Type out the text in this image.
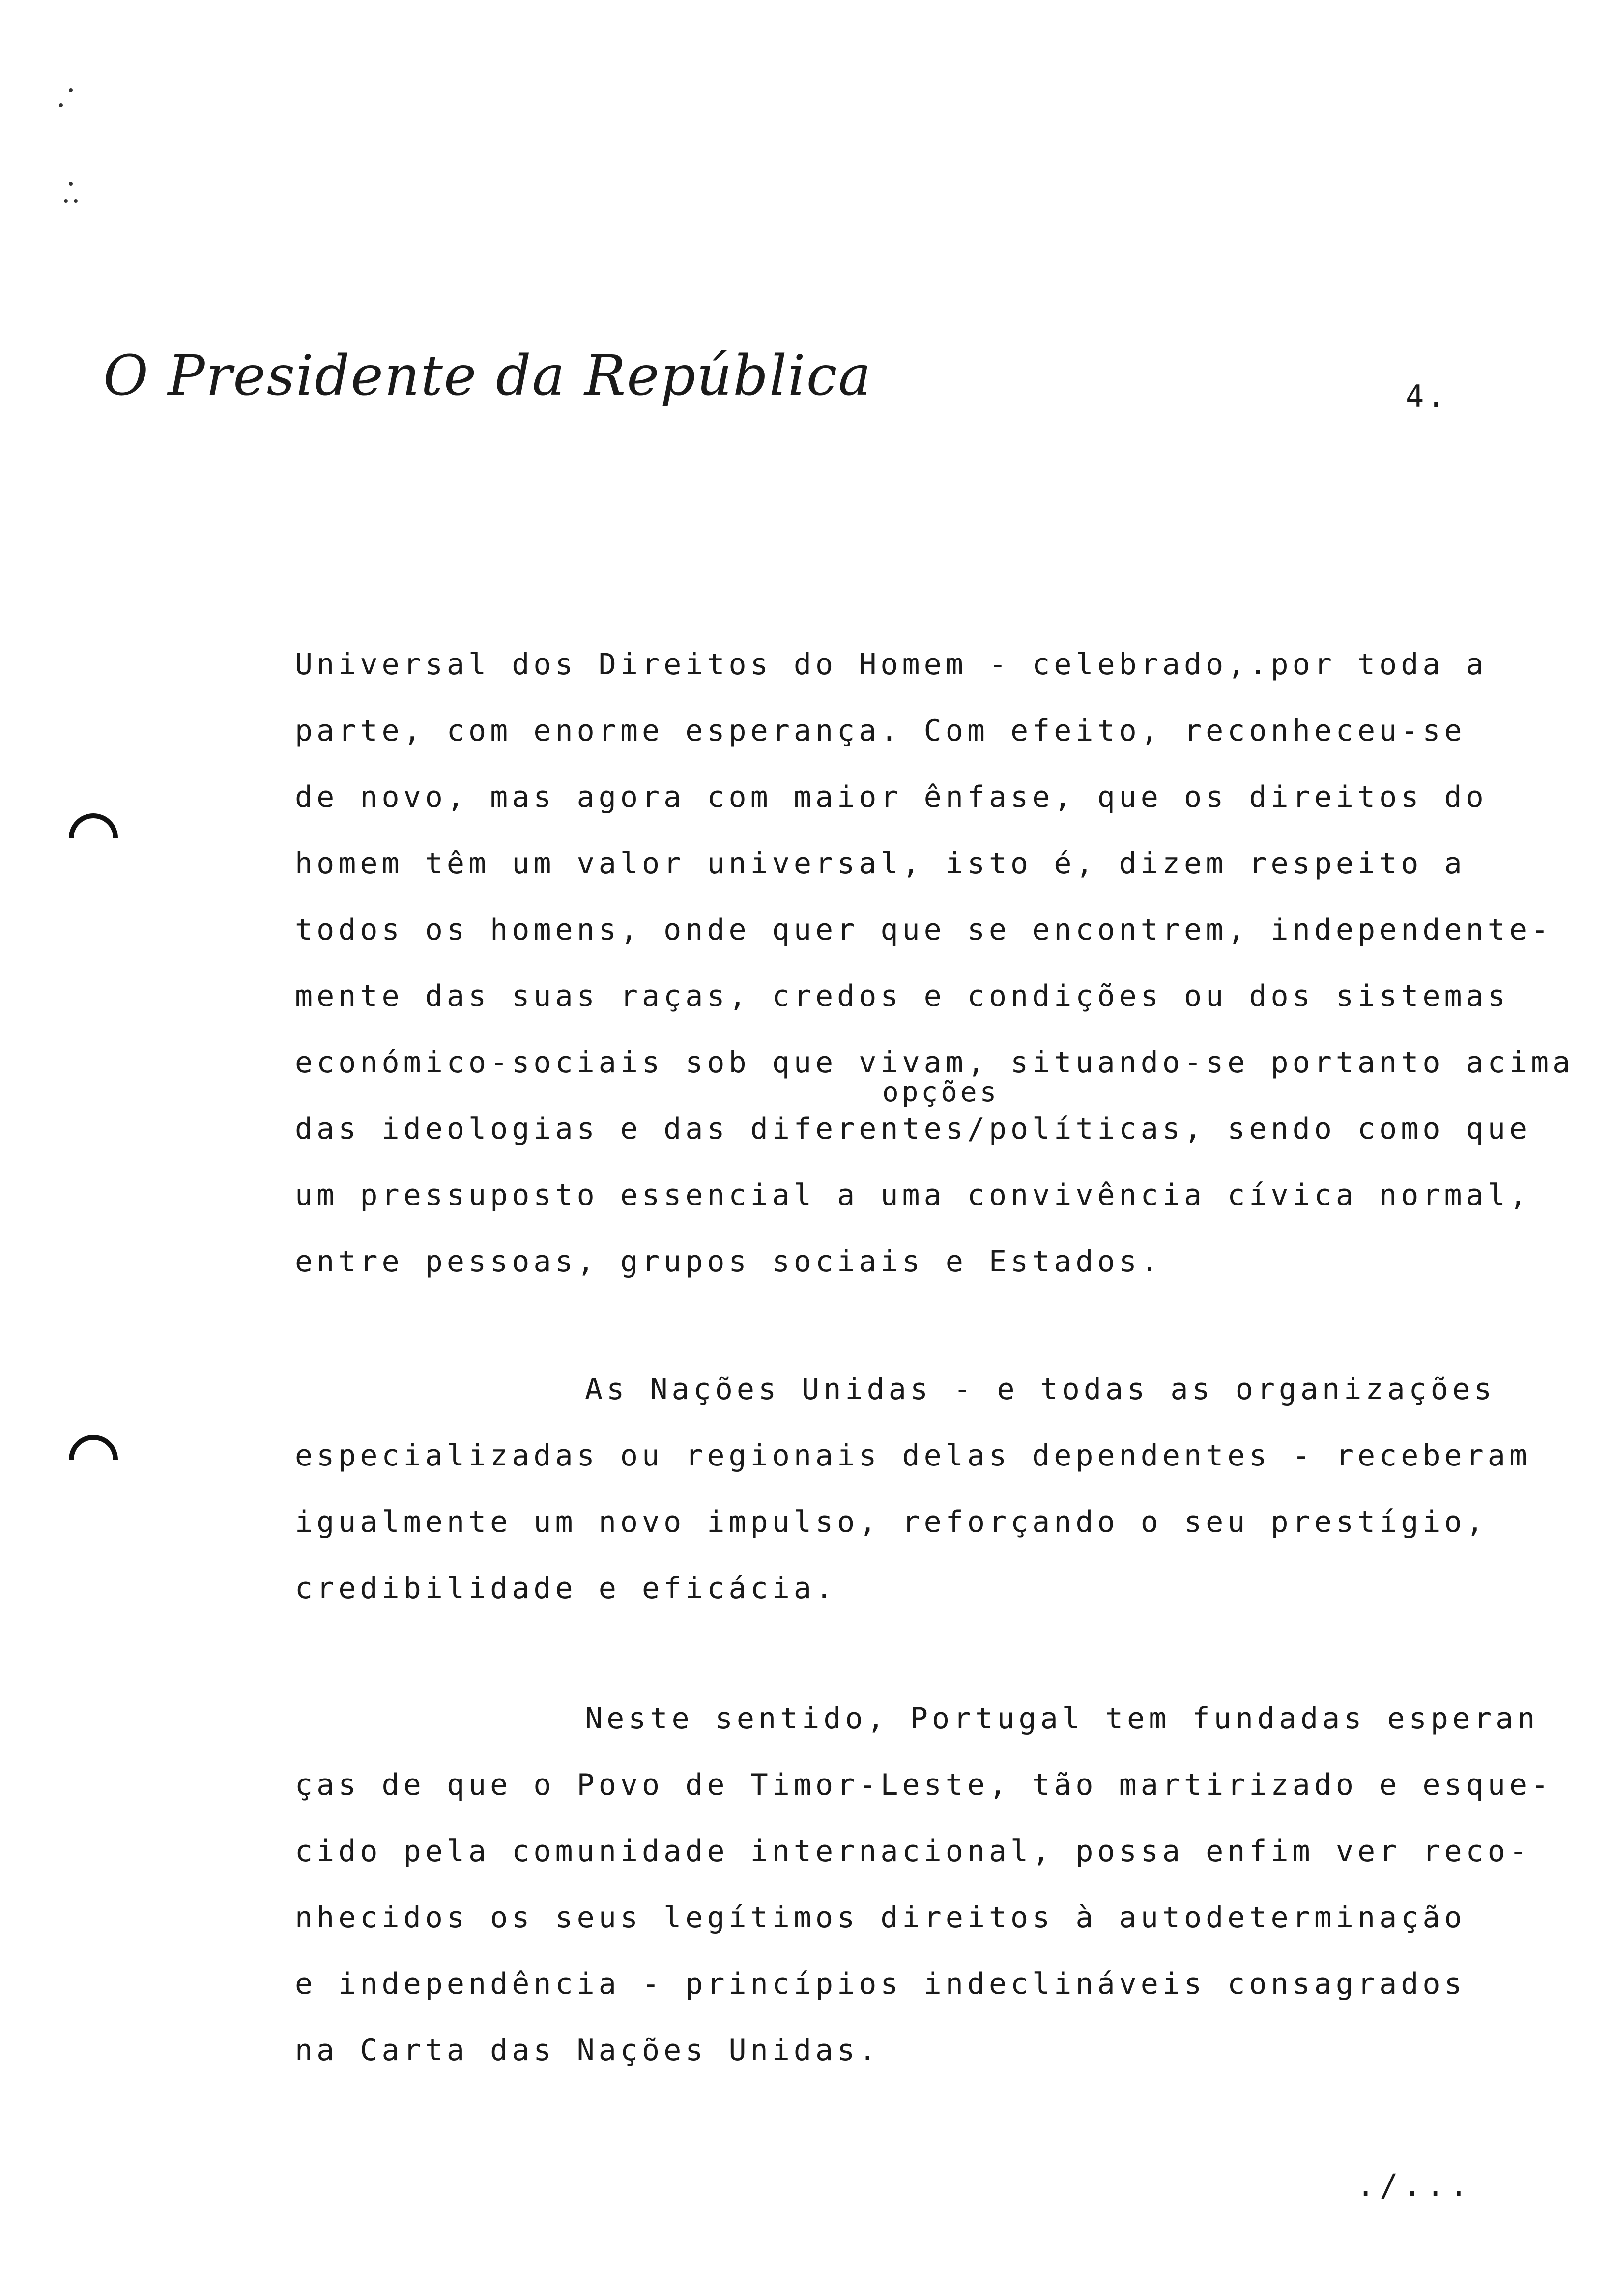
O Presidente da República	4.
Universal dos Direitos do Homem - celebrado,.por toda a
parte, com enorme esperança. Com efeito, reconheceu-se
de novo, mas agora com maior ênfase, que os direitos do
homem têm um valor universal, isto é, dizem respeito a
todos os homens, onde quer que se encontrem, independente-
mente das suas raças, credos e condições ou dos sistemas
económico-sociais sob que vivam, situando-se portanto acima
das ideologias e das diferentes/políticas, sendo como que
um pressuposto essencial a uma convivência cívica normal,
entre pessoas, grupos sociais e Estados.
opções
As Nações Unidas - e todas as organizações
especializadas ou regionais delas dependentes - receberam
igualmente um novo impulso, reforçando o seu prestígio,
credibilidade e eficácia.
Neste sentido, Portugal tem fundadas esperan
ças de que o Povo de Timor-Leste, tão martirizado e esque-
cido pela comunidade internacional, possa enfim ver reco-
nhecidos os seus legítimos direitos à autodeterminação
e independência - princípios indeclináveis consagrados
na Carta das Nações Unidas.
./...
